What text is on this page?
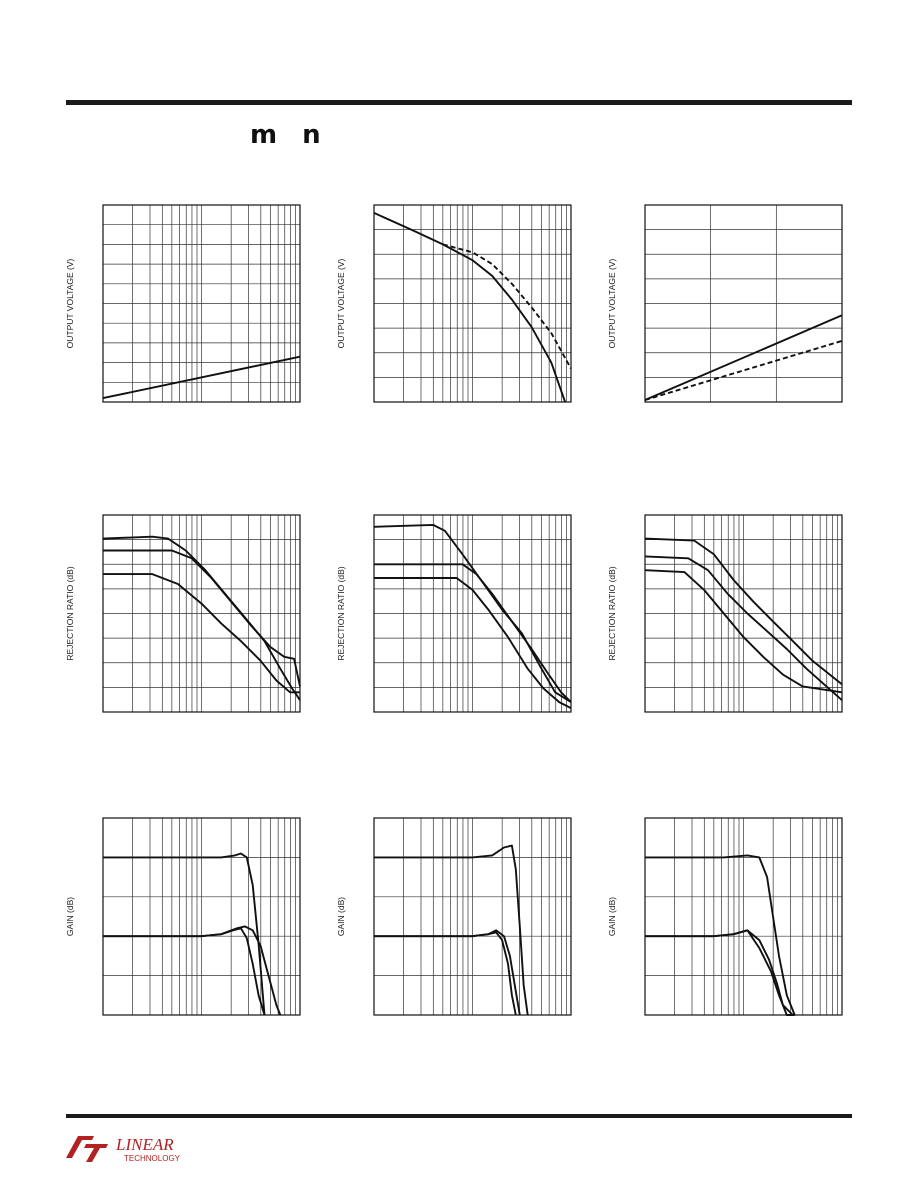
m n
OUTPUT VOLTAGE (V)	OUTPUT VOLTAGE (V)	OUTPUT VOLTAGE (V)
REJECTION RATIO (dB)	REJECTION RATIO (dB)	REJECTION RATIO (dB)
GAIN (dB)	GAIN (dB)	GAIN (dB)
LINEAR
TECHNOLOGY
